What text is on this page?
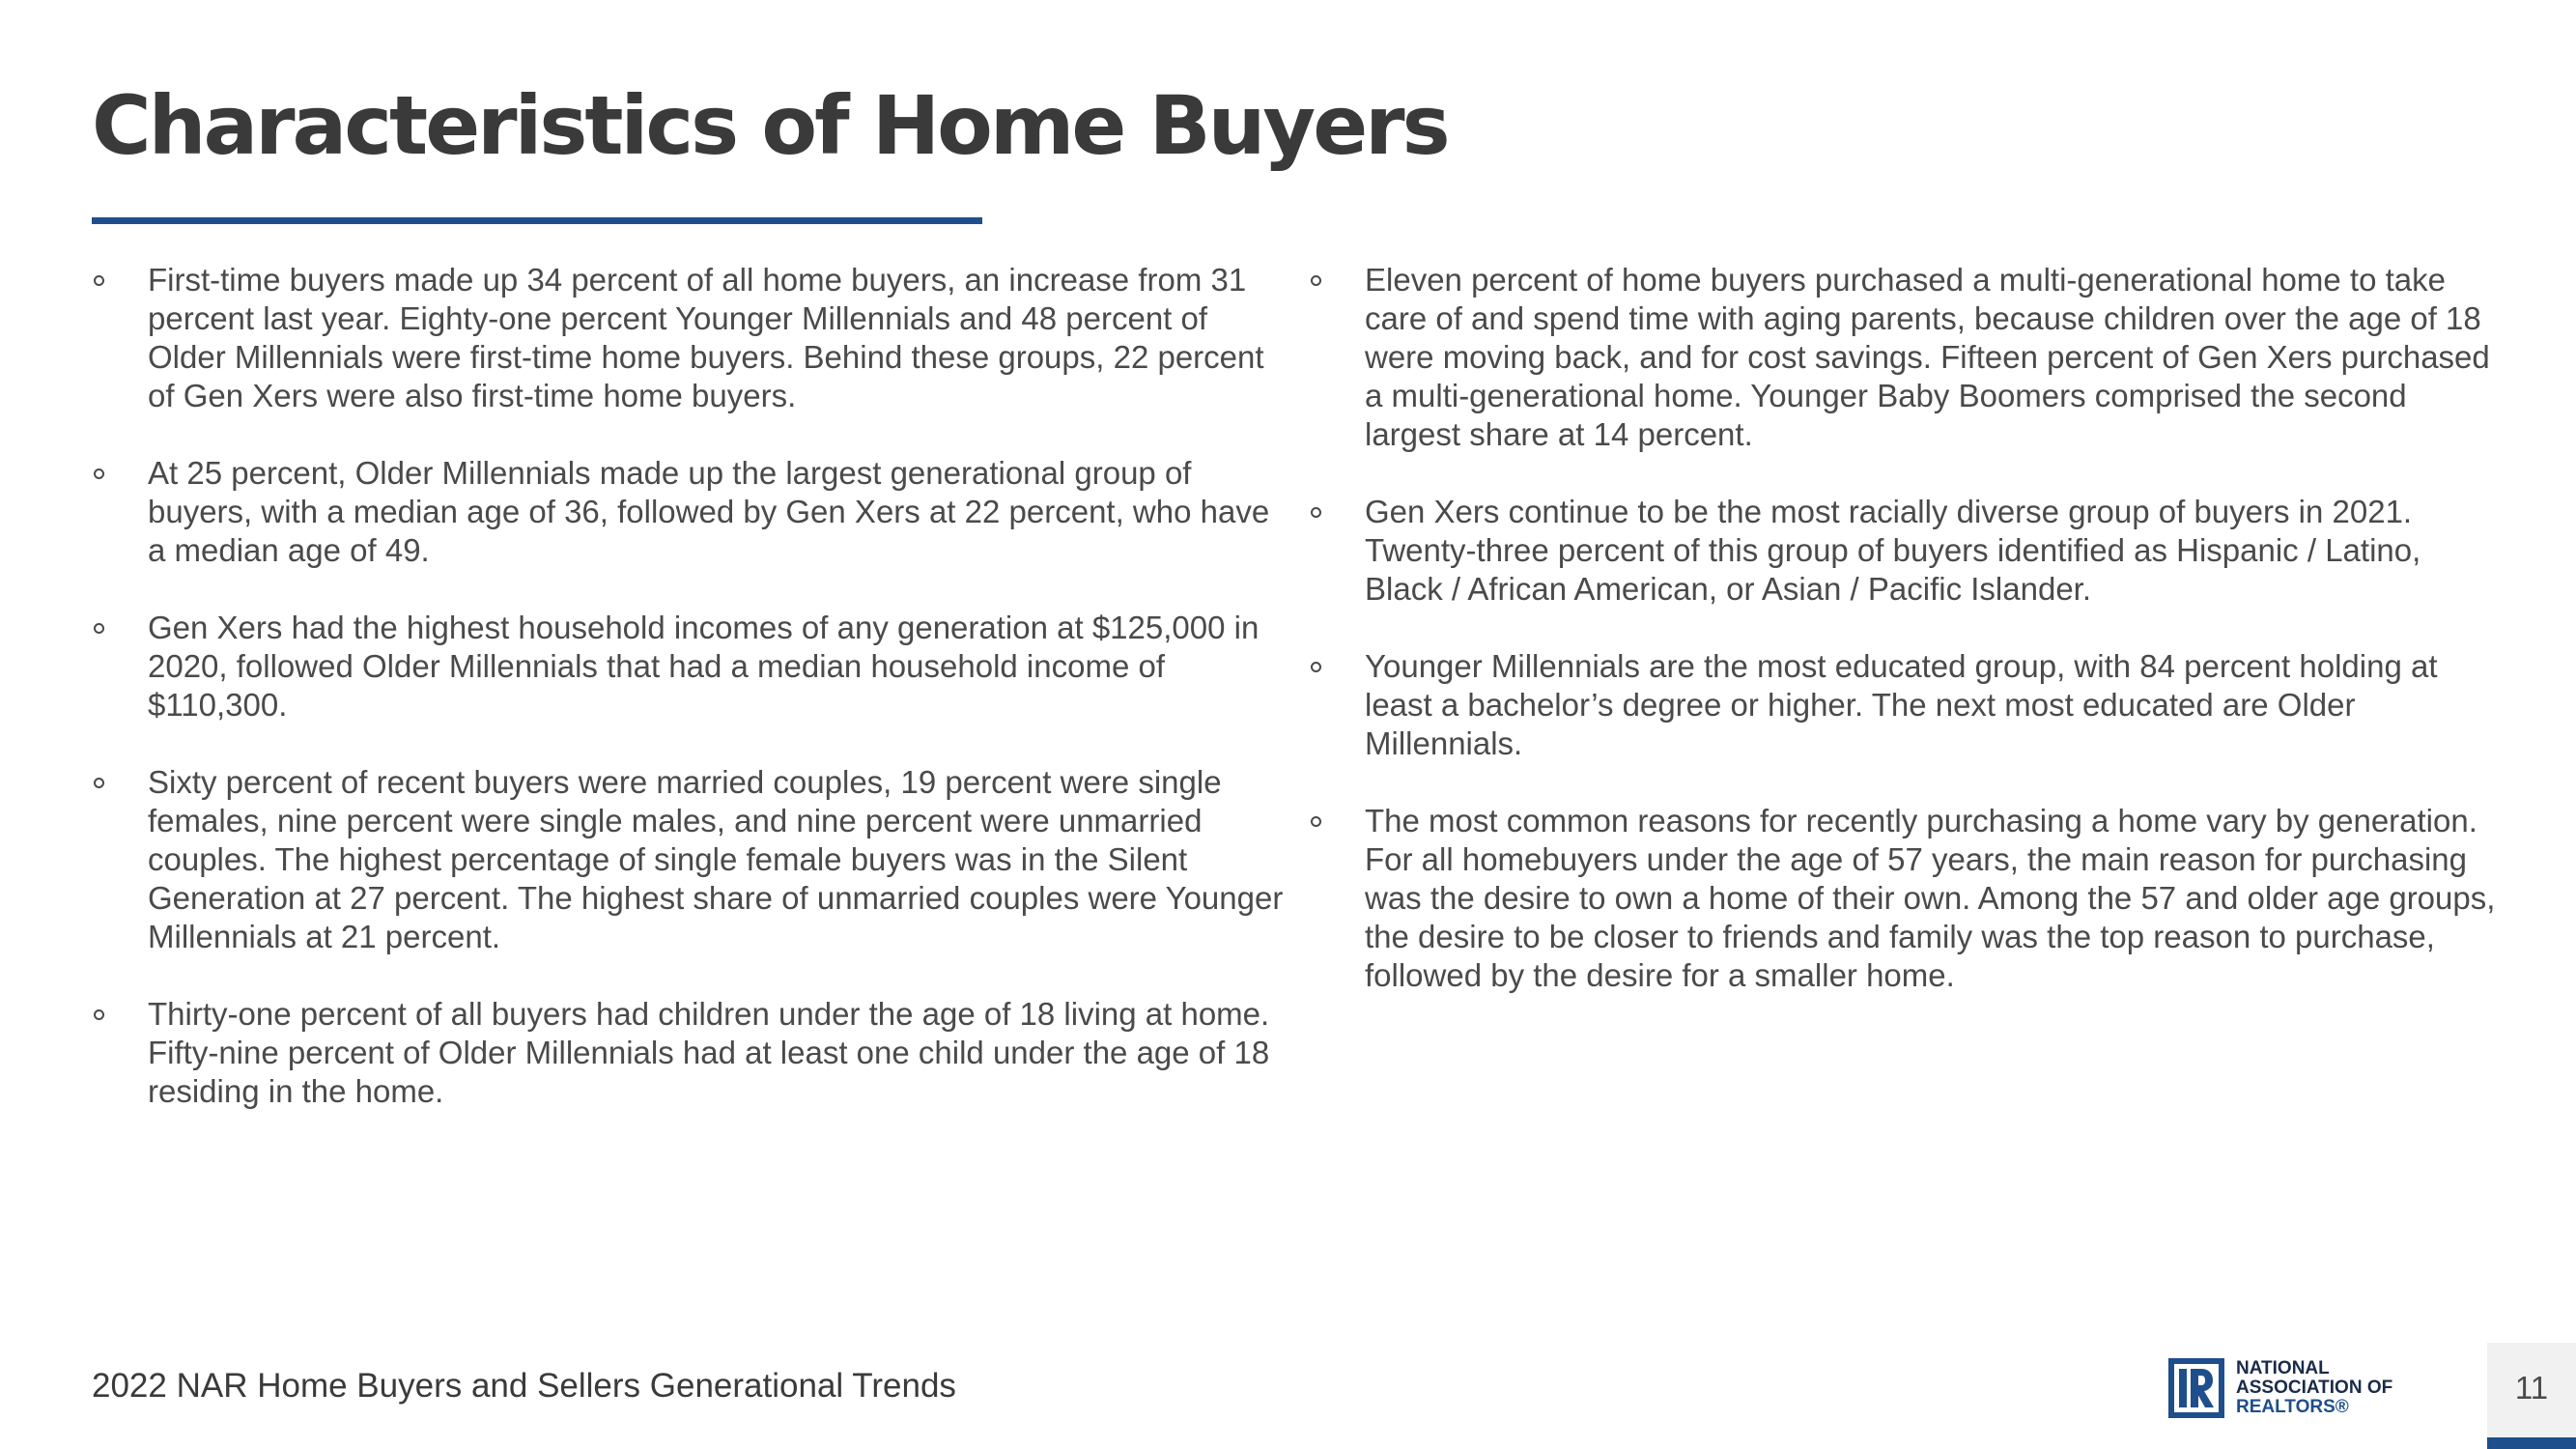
Characteristics of Home Buyers
First-time buyers made up 34 percent of all home buyers, an increase from 31 percent last year. Eighty-one percent Younger Millennials and 48 percent of Older Millennials were first-time home buyers. Behind these groups, 22 percent of Gen Xers were also first-time home buyers.
At 25 percent, Older Millennials made up the largest generational group of buyers, with a median age of 36, followed by Gen Xers at 22 percent, who have a median age of 49.
Gen Xers had the highest household incomes of any generation at $125,000 in 2020, followed Older Millennials that had a median household income of $110,300.
Sixty percent of recent buyers were married couples, 19 percent were single females, nine percent were single males, and nine percent were unmarried couples. The highest percentage of single female buyers was in the Silent Generation at 27 percent. The highest share of unmarried couples were Younger Millennials at 21 percent.
Thirty-one percent of all buyers had children under the age of 18 living at home. Fifty-nine percent of Older Millennials had at least one child under the age of 18 residing in the home.
Eleven percent of home buyers purchased a multi-generational home to take care of and spend time with aging parents, because children over the age of 18 were moving back, and for cost savings. Fifteen percent of Gen Xers purchased a multi-generational home. Younger Baby Boomers comprised the second largest share at 14 percent.
Gen Xers continue to be the most racially diverse group of buyers in 2021. Twenty-three percent of this group of buyers identified as Hispanic / Latino, Black / African American, or Asian / Pacific Islander.
Younger Millennials are the most educated group, with 84 percent holding at least a bachelor’s degree or higher. The next most educated are Older Millennials.
The most common reasons for recently purchasing a home vary by generation. For all homebuyers under the age of 57 years, the main reason for purchasing was the desire to own a home of their own. Among the 57 and older age groups, the desire to be closer to friends and family was the top reason to purchase, followed by the desire for a smaller home.
2022 NAR Home Buyers and Sellers Generational Trends	NATIONAL
ASSOCIATION OF
REALTORS®
11
